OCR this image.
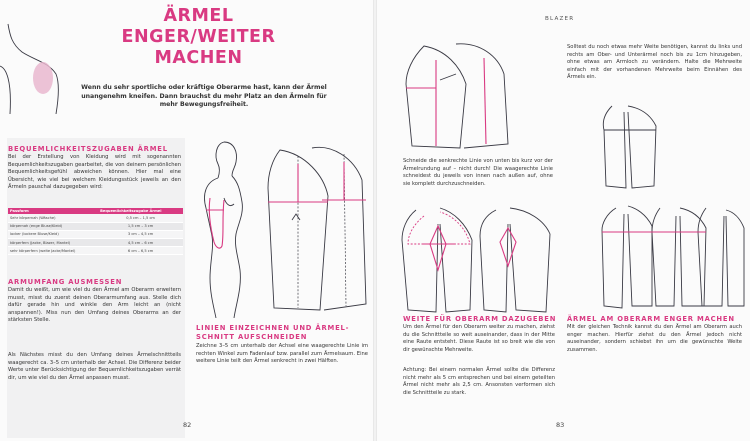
ÄRMEL
ENGER/WEITER MACHEN
Wenn du sehr sportliche oder kräftige Oberarme hast, kann der Ärmel unangenehm kneifen. Dann brauchst du mehr Platz an den Ärmeln für mehr Bewegungsfreiheit.
BEQUEMLICHKEITSZUGABEN ÄRMEL
Bei der Erstellung von Kleidung wird mit sogenannten Bequemlichkeitszugaben gearbeitet, die von deinem persönlichen Bequemlichkeitsgefühl abweichen können. Hier mal eine Übersicht, wie viel bei welchem Kleidungsstück jeweils an den Ärmeln pauschal dazugegeben wird:
Passform	Bequemlichkeitszugabe Ärmel
Sehr körpernah (Wäsche)	0,5 cm – 1,5 cm
körpernah (enge Bluse/Kleid)	1,5 cm – 3 cm
locker (lockere Bluse/Kleid)	3 cm – 4,5 cm
körperfern (Jacke, Blazer, Mantel)	4,5 cm – 6 cm
sehr körperfern (weite Jacke/Mantel)	6 cm – 6,5 cm
ARMUMFANG AUSMESSEN
Damit du weißt, um wie viel du den Ärmel am Oberarm erweitern musst, misst du zuerst deinen Oberarmumfang aus. Stelle dich dafür gerade hin und winkle den Arm leicht an (nicht anspannen!). Miss nun den Umfang deines Oberarms an der stärksten Stelle.
Als Nächstes misst du den Umfang deines Ärmelschnittteils waagerecht ca. 3–5 cm unterhalb der Achsel. Die Differenz beider Werte unter Berücksichtigung der Bequemlichkeitszugaben verrät dir, um wie viel du den Ärmel anpassen musst.
LINIEN EINZEICHNEN UND ÄRMEL-
SCHNITT AUFSCHNEIDEN
Zeichne 3–5 cm unterhalb der Achsel eine waagerechte Linie im rechten Winkel zum Fadenlauf bzw. parallel zum Ärmelsaum. Eine weitere Linie teilt den Ärmel senkrecht in zwei Hälften.
82
BLAZER
Schneide die senkrechte Linie von unten bis kurz vor der Ärmelrundung auf – nicht durch! Die waagerechte Linie schneidest du jeweils von innen nach außen auf, ohne sie komplett durchzuschneiden.
WEITE FÜR OBERARM DAZUGEBEN
Um den Ärmel für den Oberarm weiter zu machen, ziehst du die Schnittteile so weit auseinander, dass in der Mitte eine Raute entsteht. Diese Raute ist so breit wie die von dir gewünschte Mehrweite.
Achtung: Bei einem normalen Ärmel sollte die Differenz nicht mehr als 5 cm entsprechen und bei einem geteilten Ärmel nicht mehr als 2,5 cm. Ansonsten verformen sich die Schnittteile zu stark.
Solltest du noch etwas mehr Weite benötigen, kannst du links und rechts am Ober- und Unterärmel noch bis zu 1cm hinzugeben, ohne etwas am Armloch zu verändern. Halte die Mehrweite einfach mit der vorhandenen Mehrweite beim Einnähen des Ärmels ein.
ÄRMEL AM OBERARM ENGER MACHEN
Mit der gleichen Technik kannst du den Ärmel am Oberarm auch enger machen. Hierfür ziehst du den Ärmel jedoch nicht auseinander, sondern schiebst ihn um die gewünschte Weite zusammen.
83
